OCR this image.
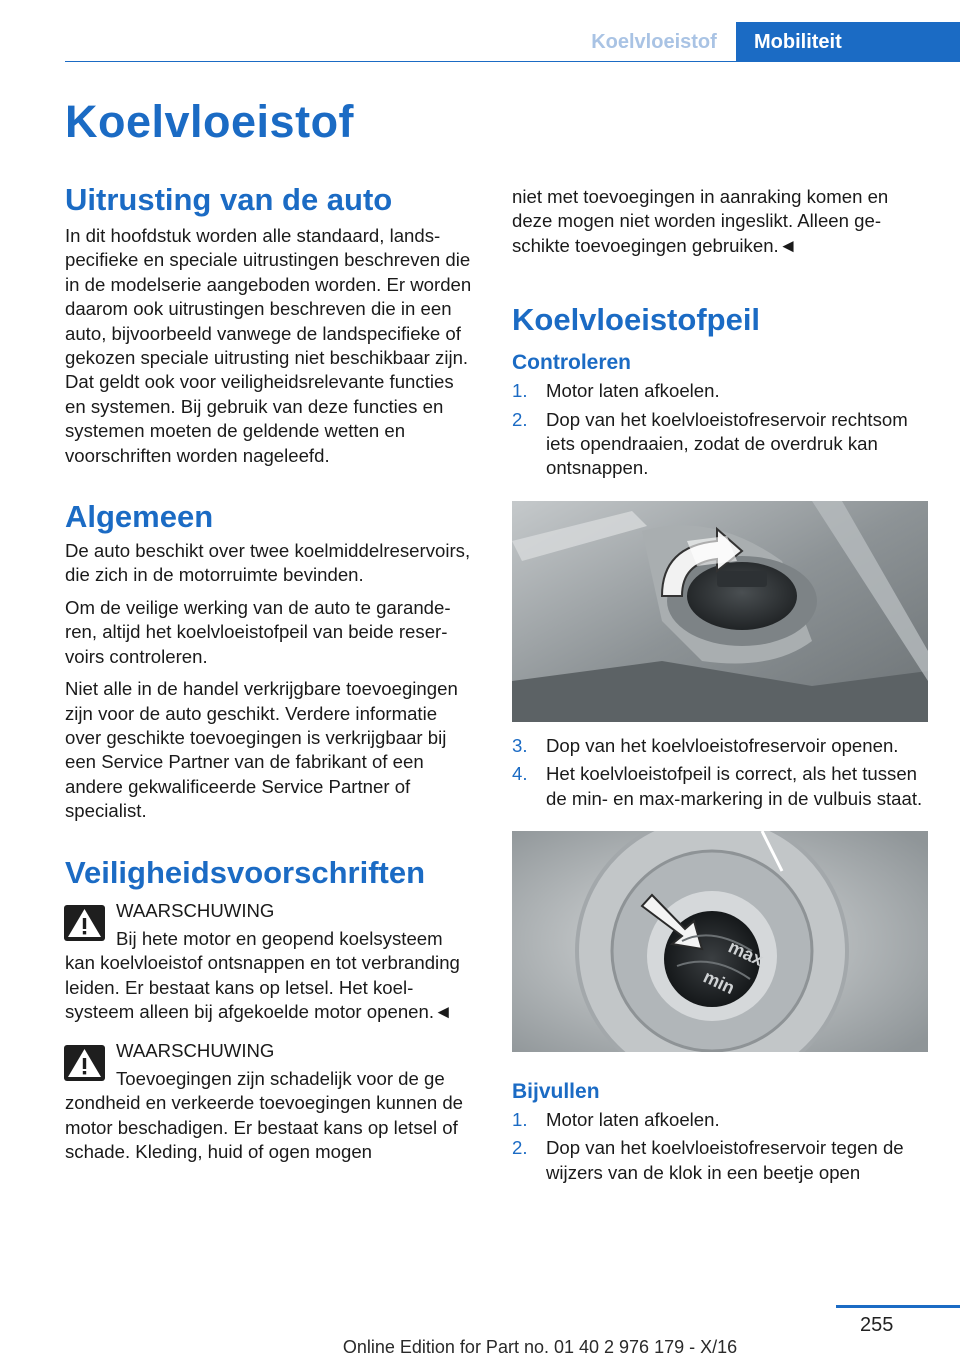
Koelvloeistof	Mobiliteit
Koelvloeistof
Uitrusting van de auto

In dit hoofdstuk worden alle standaard, landspecifieke en speciale uitrustingen beschreven die in de modelserie aangeboden worden. Er worden daarom ook uitrustingen beschreven die in een auto, bijvoorbeeld vanwege de landspecifieke of gekozen speciale uitrusting niet beschikbaar zijn. Dat geldt ook voor veiligheidsrelevante functies en systemen. Bij gebruik van deze functies en systemen moeten de geldende wetten en voorschriften worden nageleefd.

Algemeen

De auto beschikt over twee koelmiddelreservoirs, die zich in de motorruimte bevinden.

Om de veilige werking van de auto te garanderen, altijd het koelvloeistofpeil van beide reservoirs controleren.

Niet alle in de handel verkrijgbare toevoegingen zijn voor de auto geschikt. Verdere informatie over geschikte toevoegingen is verkrijgbaar bij een Service Partner van de fabrikant of een andere gekwalificeerde Service Partner of specialist.

Veiligheidsvoorschriften

WAARSCHUWING

Bij hete motor en geopend koelsysteem

kan koelvloeistof ontsnappen en tot verbranding leiden. Er bestaat kans op letsel. Het koelsysteem alleen bij afgekoelde motor openen.◄

WAARSCHUWING

Toevoegingen zijn schadelijk voor de ge

zondheid en verkeerde toevoegingen kunnen de motor beschadigen. Er bestaat kans op letsel of schade. Kleding, huid of ogen mogen

niet met toevoegingen in aanraking komen en deze mogen niet worden ingeslikt. Alleen geschikte toevoegingen gebruiken.◄

Koelvloeistofpeil
Controleren
1. Motor laten afkoelen.
2. Dop van het koelvloeistofreservoir rechtsom iets opendraaien, zodat de overdruk kan ontsnappen.
3. Dop van het koelvloeistofreservoir openen.
4. Het koelvloeistofpeil is correct, als het tussen de min- en max-markering in de vulbuis staat.
max
min
Bijvullen
1. Motor laten afkoelen.
2. Dop van het koelvloeistofreservoir tegen de wijzers van de klok in een beetje open
255
Online Edition for Part no. 01 40 2 976 179 - X/16
